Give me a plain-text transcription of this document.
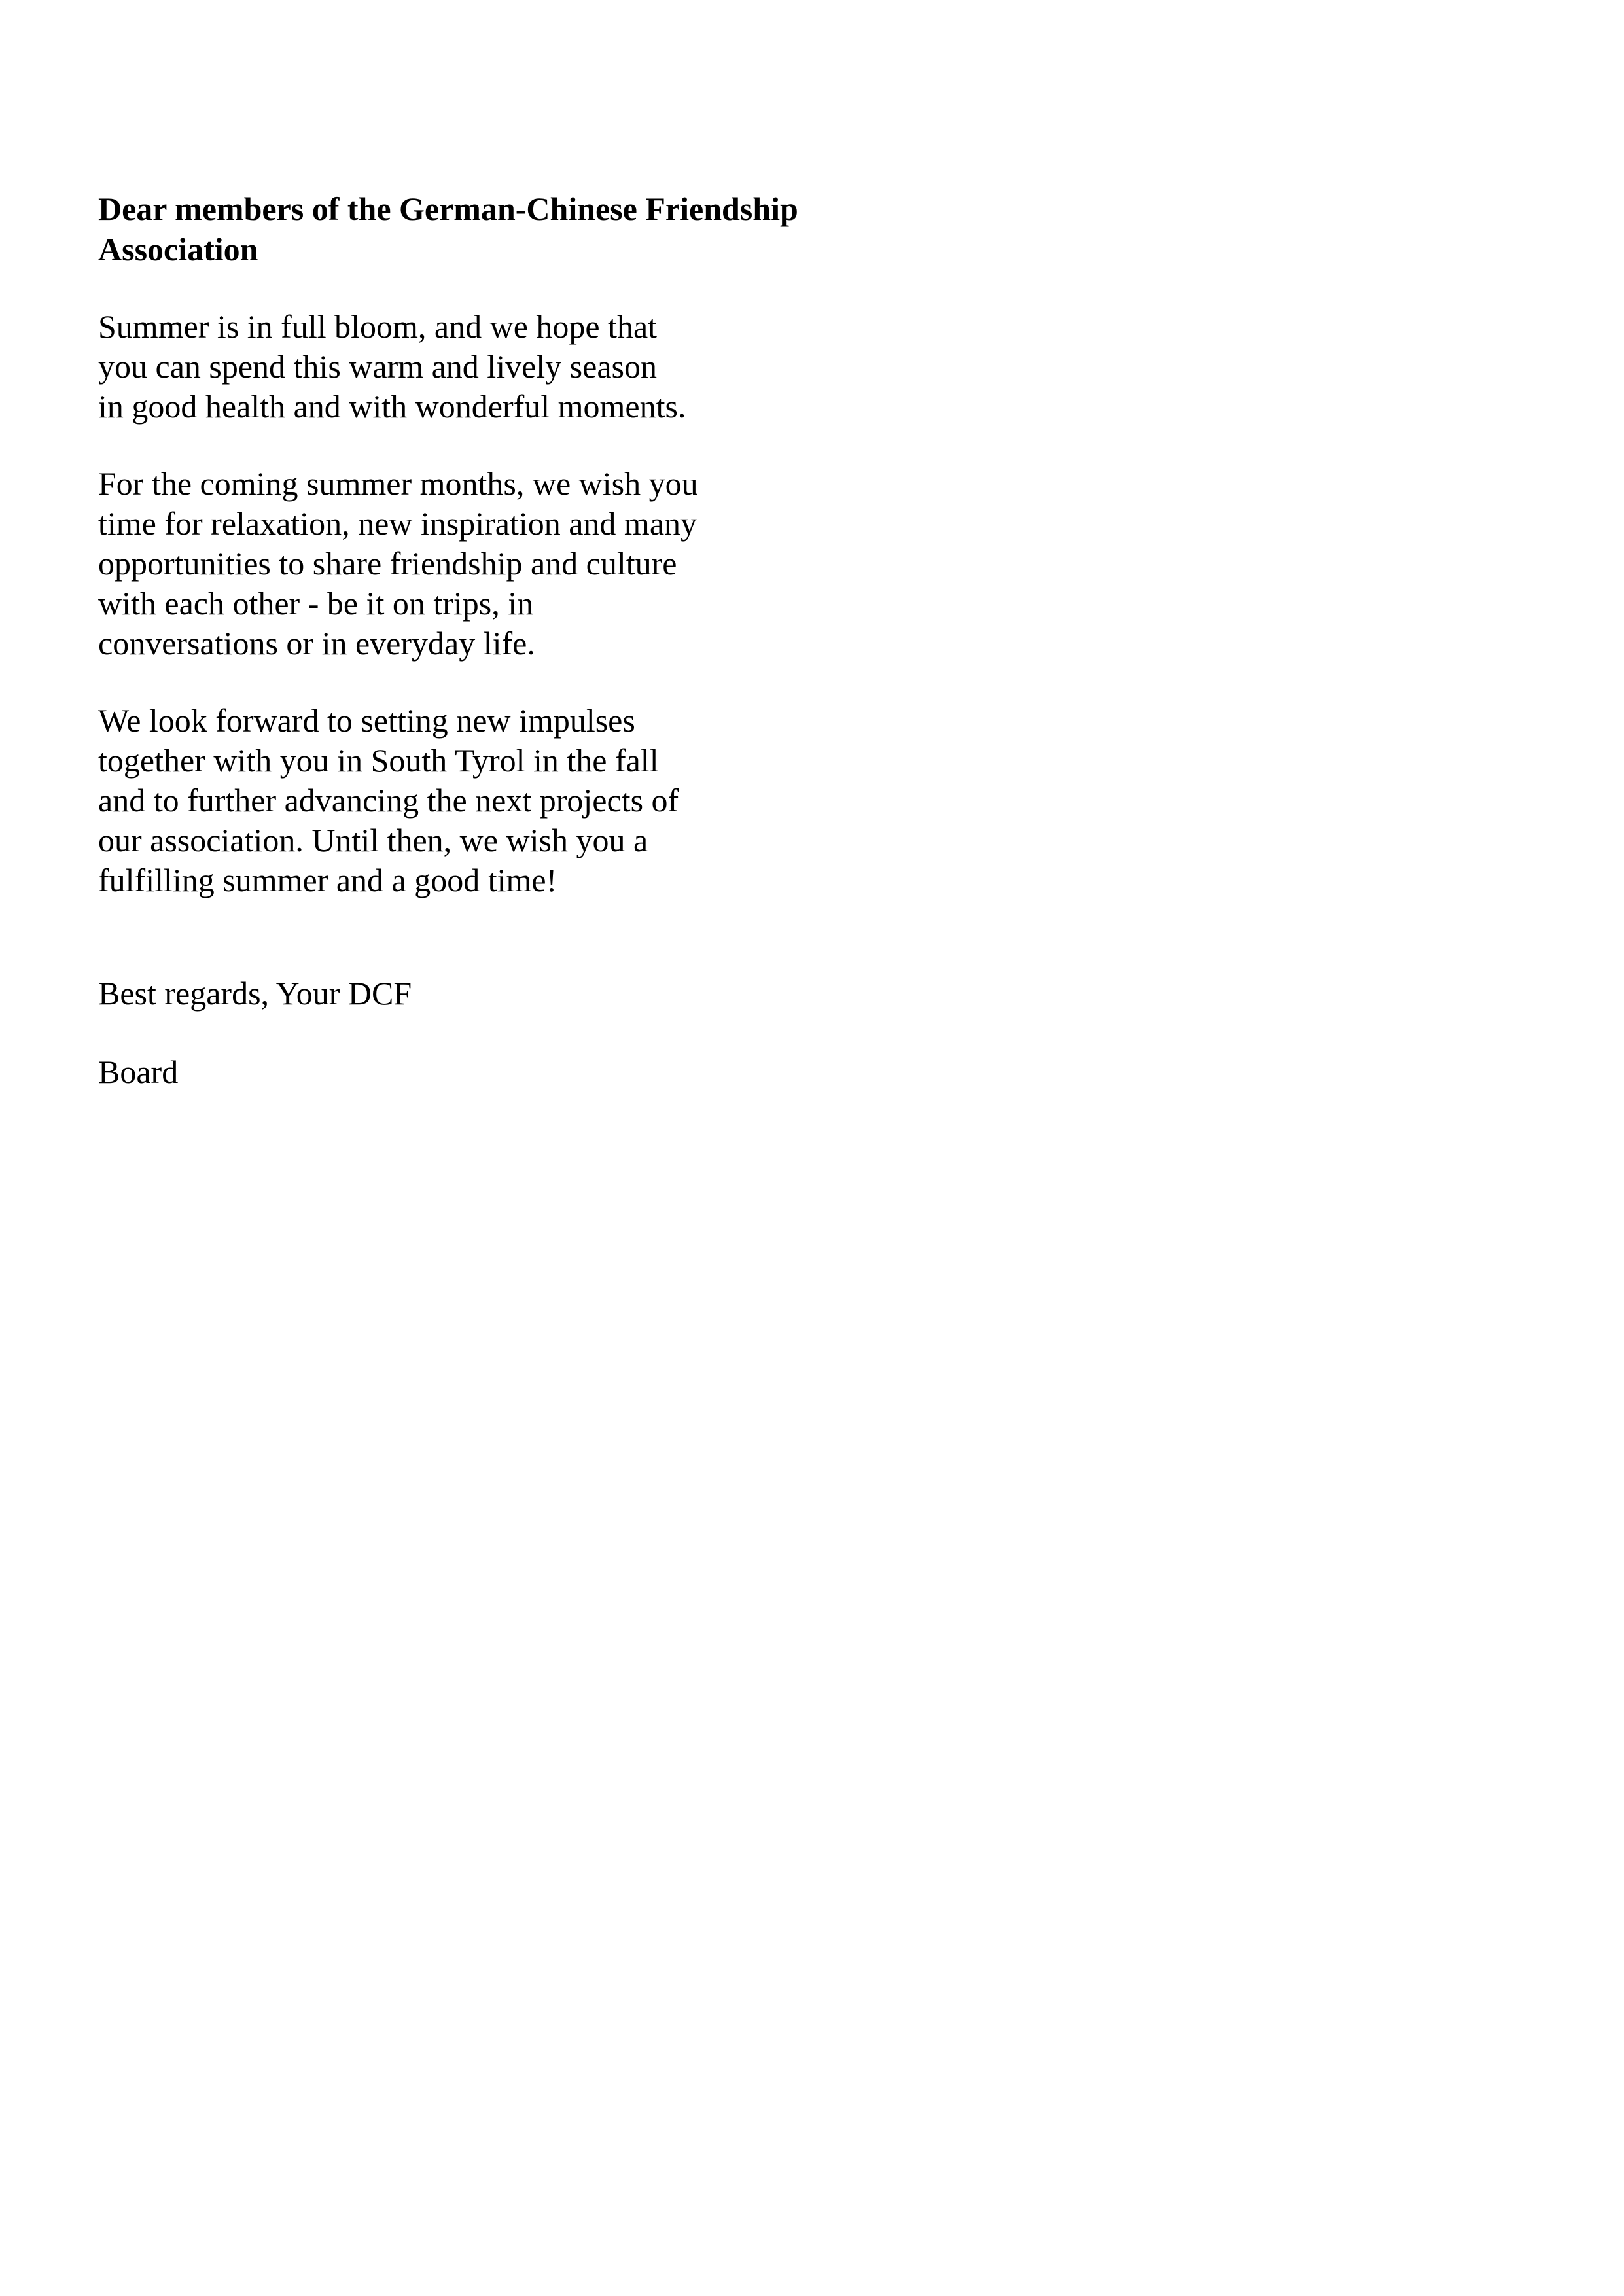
Dear members of the German-Chinese Friendship
Association

Summer is in full bloom, and we hope that
you can spend this warm and lively season
in good health and with wonderful moments.

For the coming summer months, we wish you
time for relaxation, new inspiration and many
opportunities to share friendship and culture
with each other - be it on trips, in
conversations or in everyday life.

We look forward to setting new impulses
together with you in South Tyrol in the fall
and to further advancing the next projects of
our association. Until then, we wish you a
fulfilling summer and a good time!

Best regards, Your DCF

Board
